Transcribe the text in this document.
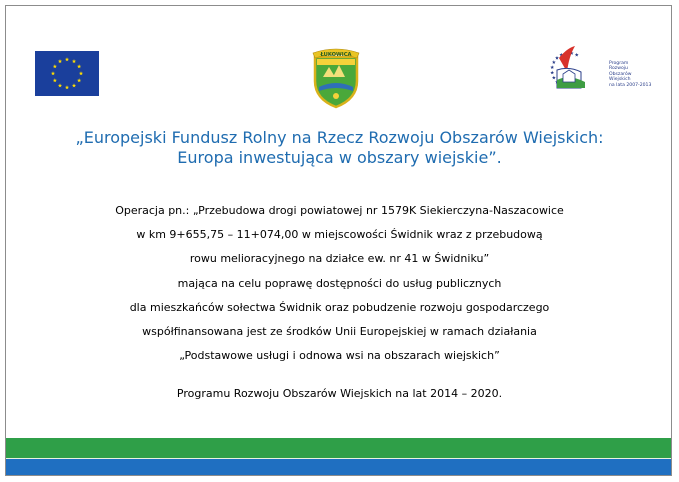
ŁUKOWICA
Program
Rozwoju
Obszarów
Wiejskich
na lata 2007-2013
„Europejski Fundusz Rolny na Rzecz Rozwoju Obszarów Wiejskich:
Europa inwestująca w obszary wiejskie”.
Operacja pn.: „Przebudowa drogi powiatowej nr 1579K Siekierczyna-Naszacowice
w km 9+655,75 – 11+074,00 w miejscowości Świdnik wraz z przebudową
rowu melioracyjnego na działce ew. nr 41 w Świdniku”
mająca na celu poprawę dostępności do usług publicznych
dla mieszkańców sołectwa Świdnik oraz pobudzenie rozwoju gospodarczego
współfinansowana jest ze środków Unii Europejskiej w ramach działania
„Podstawowe usługi i odnowa wsi na obszarach wiejskich”
Programu Rozwoju Obszarów Wiejskich na lat 2014 – 2020.
